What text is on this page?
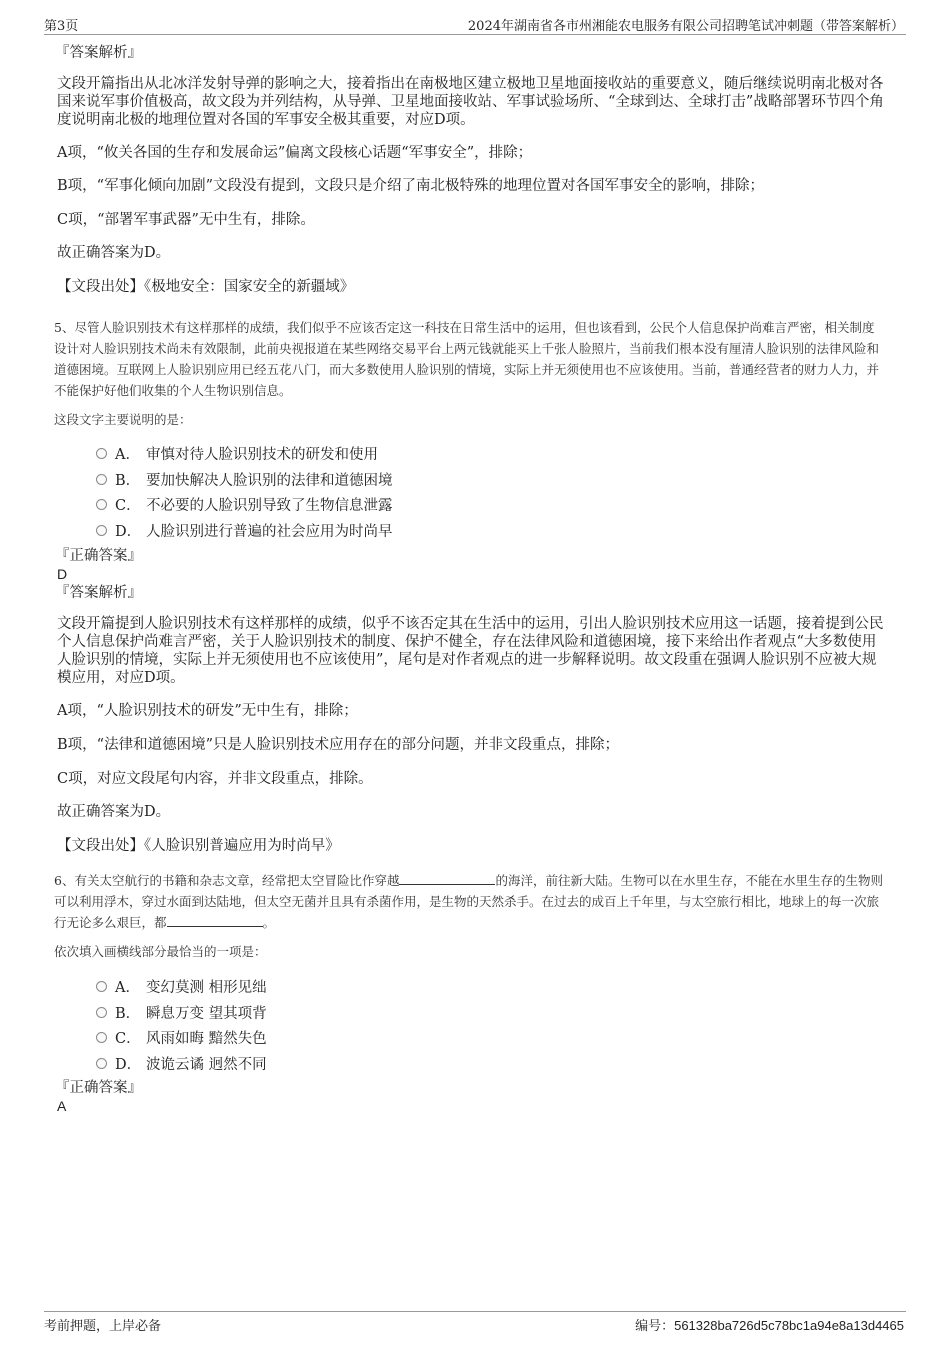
第3页	2024年湖南省各市州湘能农电服务有限公司招聘笔试冲刺题（带答案解析）
『答案解析』

文段开篇指出从北冰洋发射导弹的影响之大，接着指出在南极地区建立极地卫星地面接收站的重要意义，随后继续说明南北极对各国来说军事价值极高，故文段为并列结构，从导弹、卫星地面接收站、军事试验场所、“全球到达、全球打击”战略部署环节四个角度说明南北极的地理位置对各国的军事安全极其重要，对应D项。

A项，“攸关各国的生存和发展命运”偏离文段核心话题“军事安全”，排除；

B项，“军事化倾向加剧”文段没有提到，文段只是介绍了南北极特殊的地理位置对各国军事安全的影响，排除；

C项，“部署军事武器”无中生有，排除。

故正确答案为D。

【文段出处】《极地安全：国家安全的新疆域》

5、尽管人脸识别技术有这样那样的成绩，我们似乎不应该否定这一科技在日常生活中的运用，但也该看到，公民个人信息保护尚难言严密，相关制度设计对人脸识别技术尚未有效限制，此前央视报道在某些网络交易平台上两元钱就能买上千张人脸照片，当前我们根本没有厘清人脸识别的法律风险和道德困境。互联网上人脸识别应用已经五花八门，而大多数使用人脸识别的情境，实际上并无须使用也不应该使用。当前，普通经营者的财力人力，并不能保护好他们收集的个人生物识别信息。

这段文字主要说明的是：

A． 审慎对待人脸识别技术的研发和使用
B． 要加快解决人脸识别的法律和道德困境
C． 不必要的人脸识别导致了生物信息泄露
D． 人脸识别进行普遍的社会应用为时尚早
『正确答案』
D
『答案解析』

文段开篇提到人脸识别技术有这样那样的成绩，似乎不该否定其在生活中的运用，引出人脸识别技术应用这一话题，接着提到公民个人信息保护尚难言严密，关于人脸识别技术的制度、保护不健全，存在法律风险和道德困境，接下来给出作者观点“大多数使用人脸识别的情境，实际上并无须使用也不应该使用”，尾句是对作者观点的进一步解释说明。故文段重在强调人脸识别不应被大规模应用，对应D项。

A项，“人脸识别技术的研发”无中生有，排除；

B项，“法律和道德困境”只是人脸识别技术应用存在的部分问题，并非文段重点，排除；

C项，对应文段尾句内容，并非文段重点，排除。

故正确答案为D。

【文段出处】《人脸识别普遍应用为时尚早》

6、有关太空航行的书籍和杂志文章，经常把太空冒险比作穿越	的海洋，前往新大陆。生物可以在水里生存，不能在水里生存的生物则可以利用浮木，穿过水面到达陆地，但太空无菌并且具有杀菌作用，是生物的天然杀手。在过去的成百上千年里，与太空旅行相比，地球上的每一次旅行无论多么艰巨，都	。

依次填入画横线部分最恰当的一项是：

A． 变幻莫测 相形见绌
B． 瞬息万变 望其项背
C． 风雨如晦 黯然失色
D． 波诡云谲 迥然不同
『正确答案』
A
考前押题，上岸必备	编号：561328ba726d5c78bc1a94e8a13d4465
